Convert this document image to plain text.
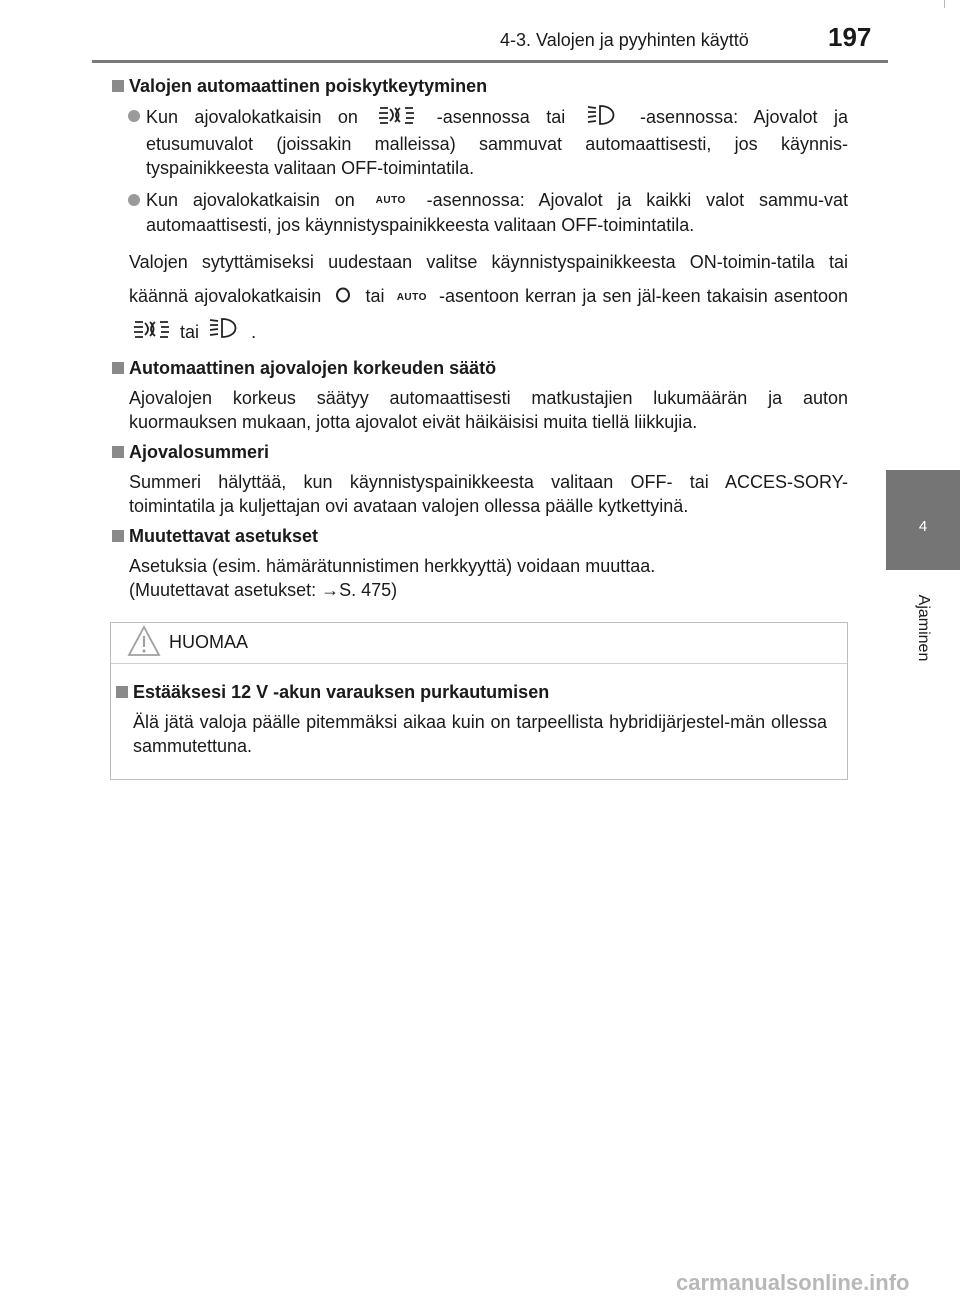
4-3. Valojen ja pyyhinten käyttö	197
4
Ajaminen
Valojen automaattinen poiskytkeytyminen
Kun ajovalokatkaisin on	-asennossa tai	-asennossa: Ajovalot ja etusumuvalot (joissakin malleissa) sammuvat automaattisesti, jos käynnis-tyspainikkeesta valitaan OFF-toimintatila.
Kun ajovalokatkaisin on AUTO -asennossa: Ajovalot ja kaikki valot sammu-vat automaattisesti, jos käynnistyspainikkeesta valitaan OFF-toimintatila.
Valojen sytyttämiseksi uudestaan valitse käynnistyspainikkeesta ON-toimin-tatila tai käännä ajovalokatkaisin tai AUTO -asentoon kerran ja sen jäl-keen takaisin asentoon  tai	.
Automaattinen ajovalojen korkeuden säätö
Ajovalojen korkeus säätyy automaattisesti matkustajien lukumäärän ja auton kuormauksen mukaan, jotta ajovalot eivät häikäisisi muita tiellä liikkujia.
Ajovalosummeri
Summeri hälyttää, kun käynnistyspainikkeesta valitaan OFF- tai ACCES-SORY-toimintatila ja kuljettajan ovi avataan valojen ollessa päälle kytkettyinä.
Muutettavat asetukset
Asetuksia (esim. hämärätunnistimen herkkyyttä) voidaan muuttaa.
(Muutettavat asetukset: →S. 475)
HUOMAA
Estääksesi 12 V -akun varauksen purkautumisen
Älä jätä valoja päälle pitemmäksi aikaa kuin on tarpeellista hybridijärjestel-män ollessa sammutettuna.
carmanualsonline.info
